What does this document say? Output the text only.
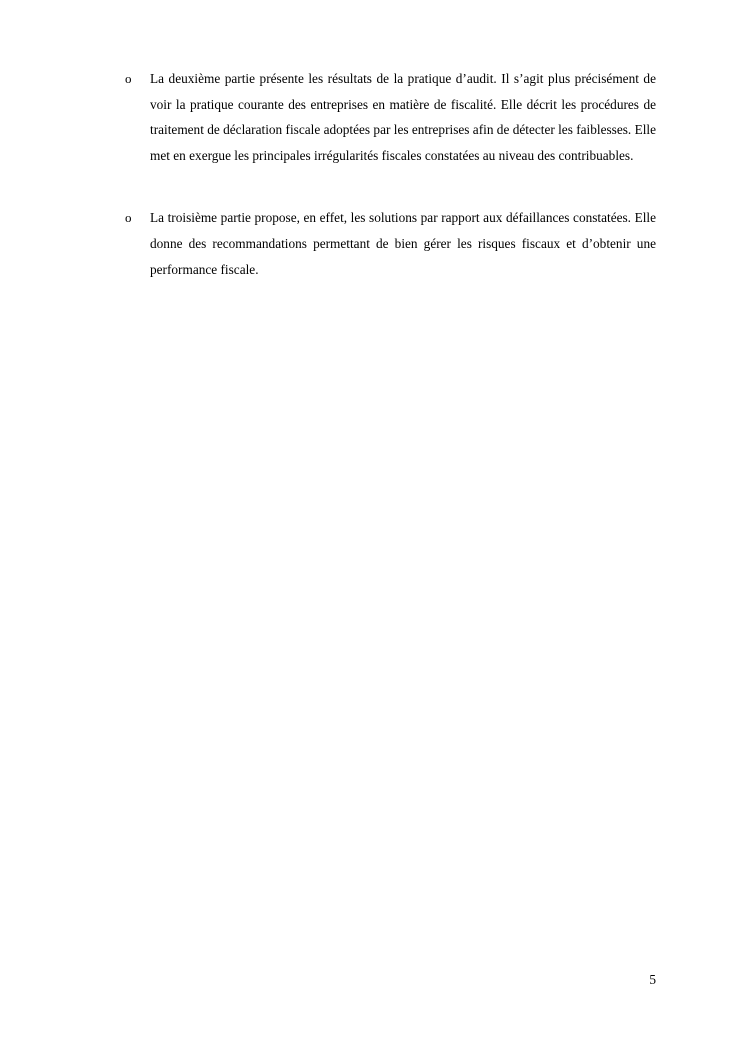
o La deuxième partie présente les résultats de la pratique d’audit. Il s’agit plus précisément de voir la pratique courante des entreprises en matière de fiscalité. Elle décrit les procédures de traitement de déclaration fiscale adoptées par les entreprises afin de détecter les faiblesses. Elle met en exergue les principales irrégularités fiscales constatées au niveau des contribuables.
o La troisième partie propose, en effet, les solutions par rapport aux défaillances constatées. Elle donne des recommandations permettant de bien gérer les risques fiscaux et d’obtenir une performance fiscale.
5
